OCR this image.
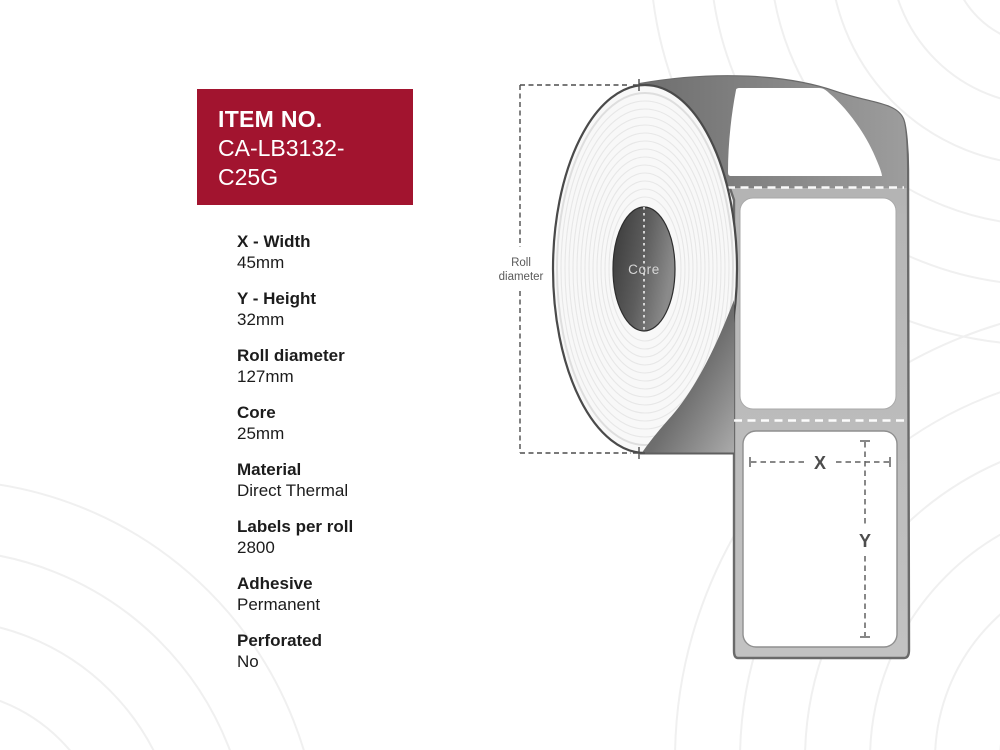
ITEM NO.
CA-LB3132-C25G
X - Width
45mm
Y - Height
32mm
Roll diameter
127mm
Core
25mm
Material
Direct Thermal
Labels per roll
2800
Adhesive
Permanent
Perforated
No
Core
Roll
diameter
X
Y
